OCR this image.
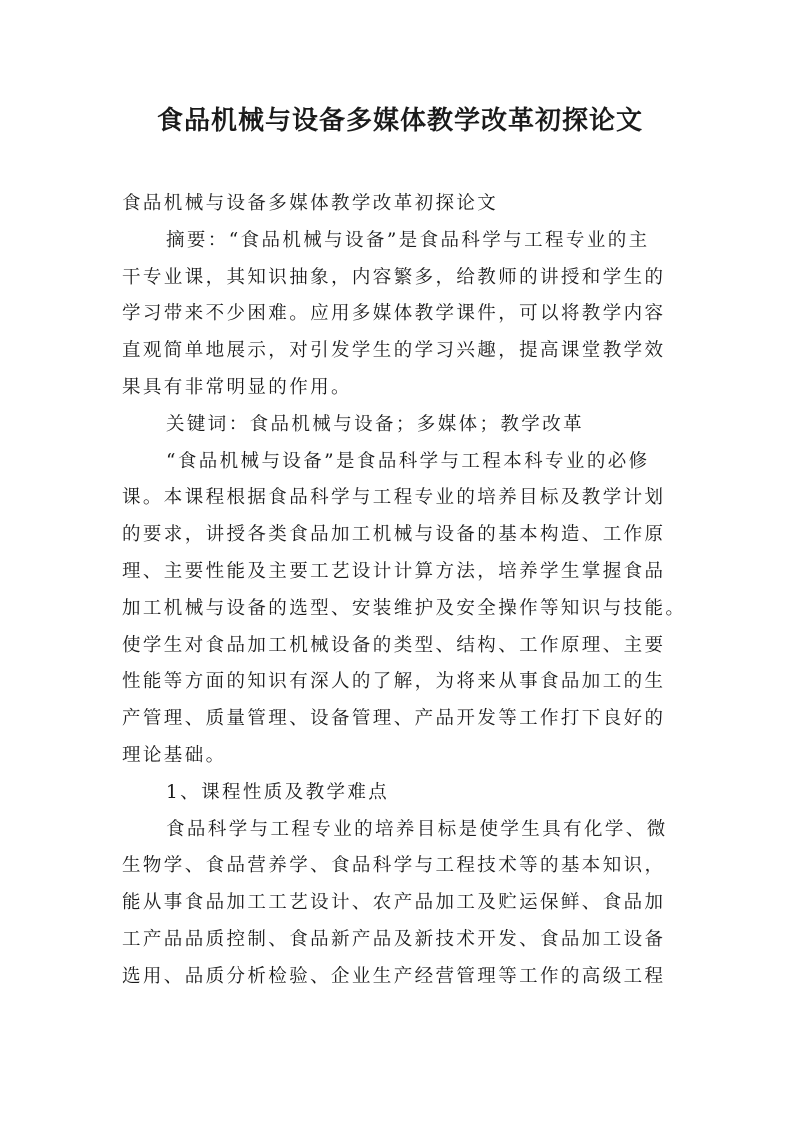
食品机械与设备多媒体教学改革初探论文
食品机械与设备多媒体教学改革初探论文
摘要：“食品机械与设备”是食品科学与工程专业的主
干专业课，其知识抽象，内容繁多，给教师的讲授和学生的
学习带来不少困难。应用多媒体教学课件，可以将教学内容
直观简单地展示，对引发学生的学习兴趣，提高课堂教学效
果具有非常明显的作用。
关键词：食品机械与设备；多媒体；教学改革
“食品机械与设备”是食品科学与工程本科专业的必修
课。本课程根据食品科学与工程专业的培养目标及教学计划
的要求，讲授各类食品加工机械与设备的基本构造、工作原
理、主要性能及主要工艺设计计算方法，培养学生掌握食品
加工机械与设备的选型、安装维护及安全操作等知识与技能。
使学生对食品加工机械设备的类型、结构、工作原理、主要
性能等方面的知识有深人的了解，为将来从事食品加工的生
产管理、质量管理、设备管理、产品开发等工作打下良好的
理论基础。
1、课程性质及教学难点
食品科学与工程专业的培养目标是使学生具有化学、微
生物学、食品营养学、食品科学与工程技术等的基本知识，
能从事食品加工工艺设计、农产品加工及贮运保鲜、食品加
工产品品质控制、食品新产品及新技术开发、食品加工设备
选用、品质分析检验、企业生产经营管理等工作的高级工程
